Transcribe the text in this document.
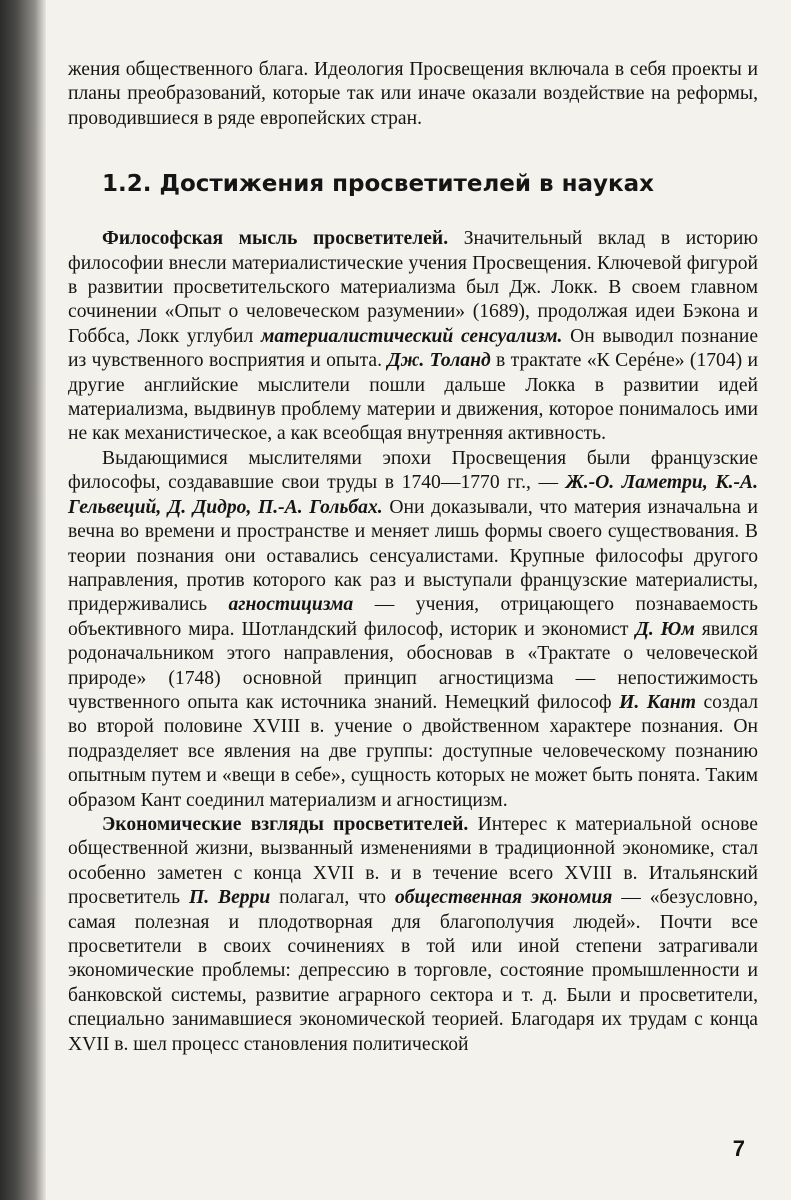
жения общественного блага. Идеология Просвещения включала в себя проекты и планы преобразований, которые так или иначе оказали воздействие на реформы, проводившиеся в ряде европейских стран.

1.2. Достижения просветителей в науках

Философская мысль просветителей. Значительный вклад в историю философии внесли материалистические учения Просвещения. Ключевой фигурой в развитии просветительского материализма был Дж. Локк. В своем главном сочинении «Опыт о человеческом разумении» (1689), продолжая идеи Бэкона и Гоббса, Локк углубил материалистический сенсуализм. Он выводил познание из чувственного восприятия и опыта. Дж. Толанд в трактате «К Серéне» (1704) и другие английские мыслители пошли дальше Локка в развитии идей материализма, выдвинув проблему материи и движения, которое понималось ими не как механистическое, а как всеобщая внутренняя активность.

Выдающимися мыслителями эпохи Просвещения были французские философы, создававшие свои труды в 1740—1770 гг., — Ж.-О. Ламетри, К.-А. Гельвеций, Д. Дидро, П.-А. Гольбах. Они доказывали, что материя изначальна и вечна во времени и пространстве и меняет лишь формы своего существования. В теории познания они оставались сенсуалистами. Крупные философы другого направления, против которого как раз и выступали французские материалисты, придерживались агностицизма — учения, отрицающего познаваемость объективного мира. Шотландский философ, историк и экономист Д. Юм явился родоначальником этого направления, обосновав в «Трактате о человеческой природе» (1748) основной принцип агностицизма — непостижимость чувственного опыта как источника знаний. Немецкий философ И. Кант создал во второй половине XVIII в. учение о двойственном характере познания. Он подразделяет все явления на две группы: доступные человеческому познанию опытным путем и «вещи в себе», сущность которых не может быть понята. Таким образом Кант соединил материализм и агностицизм.

Экономические взгляды просветителей. Интерес к материальной основе общественной жизни, вызванный изменениями в традиционной экономике, стал особенно заметен с конца XVII в. и в течение всего XVIII в. Итальянский просветитель П. Верри полагал, что общественная экономия — «безусловно, самая полезная и плодотворная для благополучия людей». Почти все просветители в своих сочинениях в той или иной степени затрагивали экономические проблемы: депрессию в торговле, состояние промышленности и банковской системы, развитие аграрного сектора и т. д. Были и просветители, специально занимавшиеся экономической теорией. Благодаря их трудам с конца XVII в. шел процесс становления политической

7
